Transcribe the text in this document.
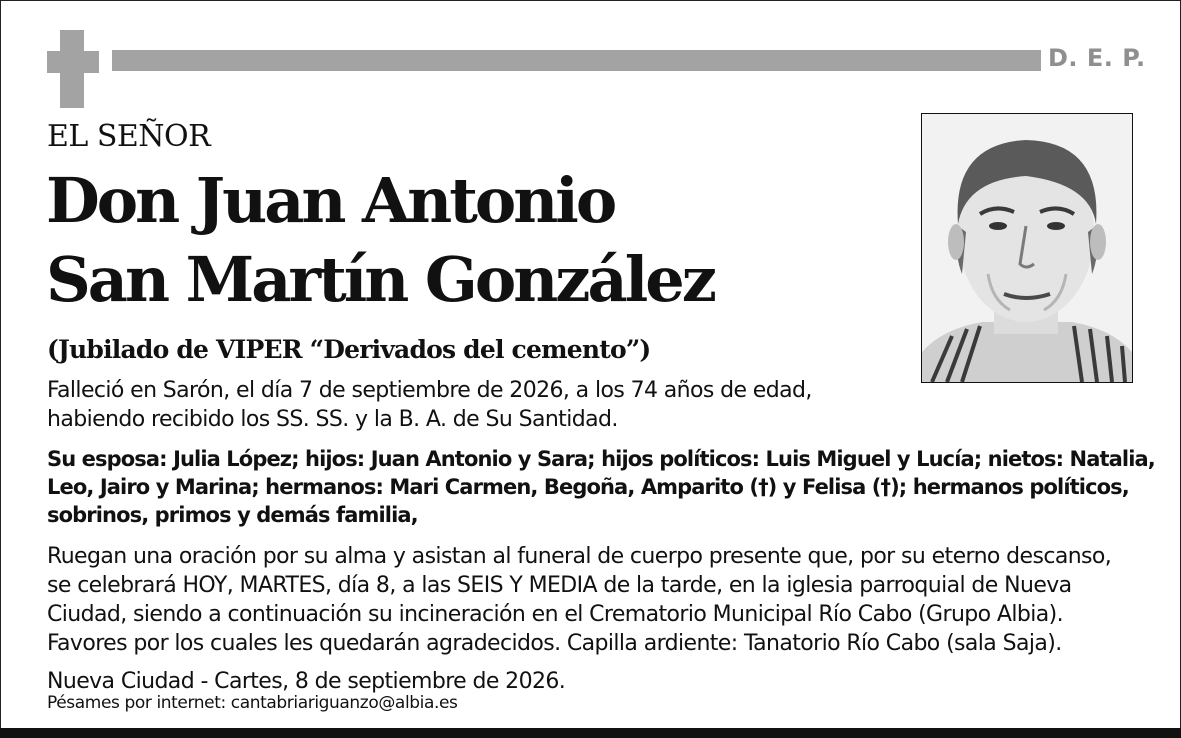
D. E. P.
EL SEÑOR
Don Juan Antonio
San Martín González
(Jubilado de VIPER “Derivados del cemento”)
Falleció en Sarón, el día 7 de septiembre de 2026, a los 74 años de edad,
habiendo recibido los SS. SS. y la B. A. de Su Santidad.
Su esposa: Julia López; hijos: Juan Antonio y Sara; hijos políticos: Luis Miguel y Lucía; nietos: Natalia,
Leo, Jairo y Marina; hermanos: Mari Carmen, Begoña, Amparito (†) y Felisa (†); hermanos políticos,
sobrinos, primos y demás familia,
Ruegan una oración por su alma y asistan al funeral de cuerpo presente que, por su eterno descanso,
se celebrará HOY, MARTES, día 8, a las SEIS Y MEDIA de la tarde, en la iglesia parroquial de Nueva
Ciudad, siendo a continuación su incineración en el Crematorio Municipal Río Cabo (Grupo Albia).
Favores por los cuales les quedarán agradecidos. Capilla ardiente: Tanatorio Río Cabo (sala Saja).
Nueva Ciudad - Cartes, 8 de septiembre de 2026.
Pésames por internet: cantabriariguanzo@albia.es
